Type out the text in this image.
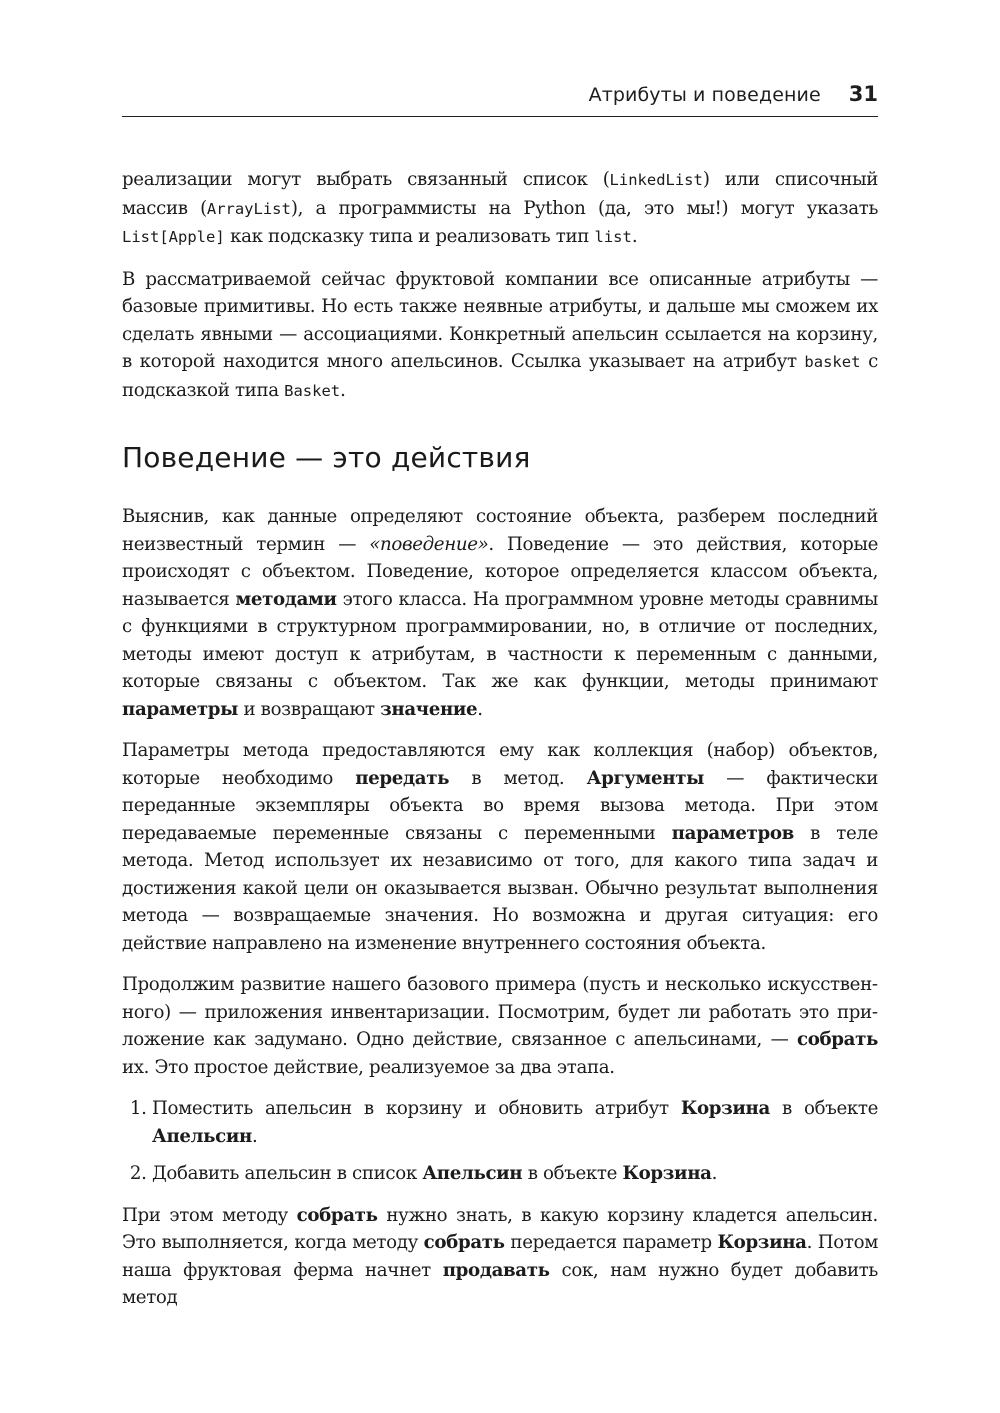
Атрибуты и поведение 31

реализации могут выбрать связанный список (LinkedList) или списочный массив (ArrayList), а программисты на Python (да, это мы!) могут указать List[Apple] как подсказку типа и реализовать тип list.

В рассматриваемой сейчас фруктовой компании все описанные атрибуты — базовые примитивы. Но есть также неявные атрибуты, и дальше мы сможем их сделать явными — ассоциациями. Конкретный апельсин ссылается на корзину, в которой находится много апельсинов. Ссылка указывает на атрибут basket с подсказкой типа Basket.

Поведение — это действия

Выяснив, как данные определяют состояние объекта, разберем последний неизвестный термин — «поведение». Поведение — это действия, которые происходят с объектом. Поведение, которое определяется классом объекта, называется методами этого класса. На программном уровне методы сравнимы с функциями в структурном программировании, но, в отличие от последних, методы имеют доступ к атрибутам, в частности к переменным с данными, которые связаны с объектом. Так же как функции, методы принимают параметры и возвращают значение.

Параметры метода предоставляются ему как коллекция (набор) объектов, которые необходимо передать в метод. Аргументы — фактически переданные экземпляры объекта во время вызова метода. При этом передаваемые переменные связаны с переменными параметров в теле метода. Метод использует их независимо от того, для какого типа задач и достижения какой цели он оказывается вызван. Обычно результат выполнения метода — возвращаемые значения. Но возможна и другая ситуация: его действие направлено на изменение внутреннего состояния объекта.

Продолжим развитие нашего базового примера (пусть и несколько искусственного) — приложения инвентаризации. Посмотрим, будет ли работать это приложение как задумано. Одно действие, связанное с апельсинами, — собрать их. Это простое действие, реализуемое за два этапа.

1. Поместить апельсин в корзину и обновить атрибут Корзина в объекте Апельсин.
2. Добавить апельсин в список Апельсин в объекте Корзина.

При этом методу собрать нужно знать, в какую корзину кладется апельсин. Это выполняется, когда методу собрать передается параметр Корзина. Потом наша фруктовая ферма начнет продавать сок, нам нужно будет добавить метод
